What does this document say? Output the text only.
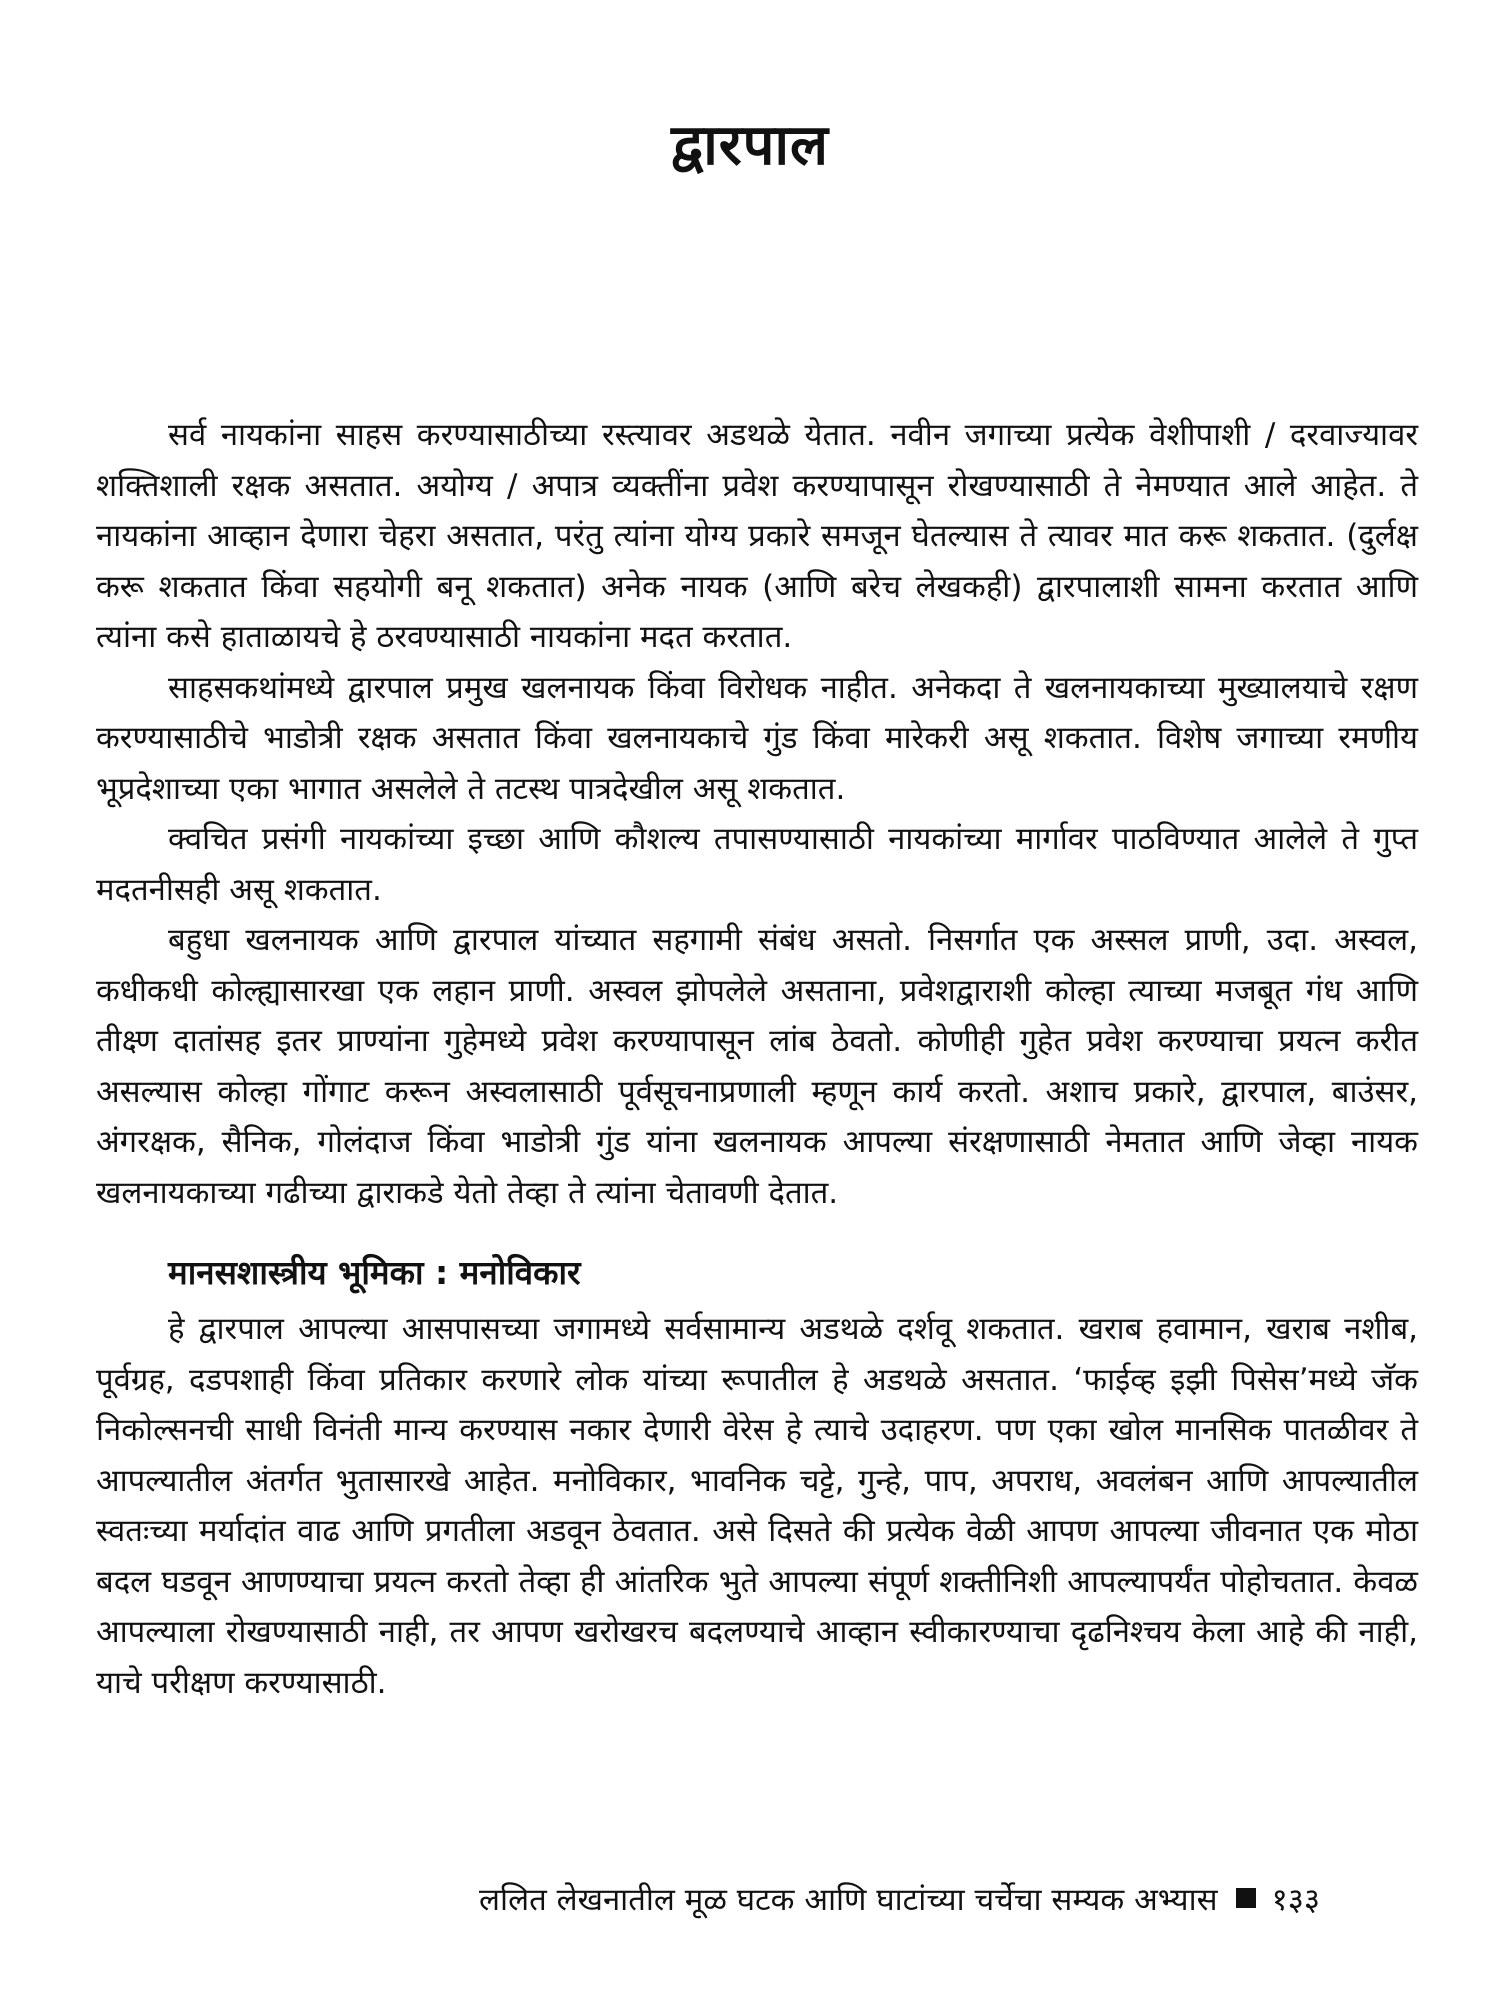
द्वारपाल

सर्व नायकांना साहस करण्यासाठीच्या रस्त्यावर अडथळे येतात. नवीन जगाच्या प्रत्येक वेशीपाशी / दरवाज्यावर शक्तिशाली रक्षक असतात. अयोग्य / अपात्र व्यक्तींना प्रवेश करण्यापासून रोखण्यासाठी ते नेमण्यात आले आहेत. ते नायकांना आव्हान देणारा चेहरा असतात, परंतु त्यांना योग्य प्रकारे समजून घेतल्यास ते त्यावर मात करू शकतात. (दुर्लक्ष करू शकतात किंवा सहयोगी बनू शकतात) अनेक नायक (आणि बरेच लेखकही) द्वारपालाशी सामना करतात आणि त्यांना कसे हाताळायचे हे ठरवण्यासाठी नायकांना मदत करतात.

साहसकथांमध्ये द्वारपाल प्रमुख खलनायक किंवा विरोधक नाहीत. अनेकदा ते खलनायकाच्या मुख्यालयाचे रक्षण करण्यासाठीचे भाडोत्री रक्षक असतात किंवा खलनायकाचे गुंड किंवा मारेकरी असू शकतात. विशेष जगाच्या रमणीय भूप्रदेशाच्या एका भागात असलेले ते तटस्थ पात्रदेखील असू शकतात.

क्वचित प्रसंगी नायकांच्या इच्छा आणि कौशल्य तपासण्यासाठी नायकांच्या मार्गावर पाठविण्यात आलेले ते गुप्त मदतनीसही असू शकतात.

बहुधा खलनायक आणि द्वारपाल यांच्यात सहगामी संबंध असतो. निसर्गात एक अस्सल प्राणी, उदा. अस्वल, कधीकधी कोल्ह्यासारखा एक लहान प्राणी. अस्वल झोपलेले असताना, प्रवेशद्वाराशी कोल्हा त्याच्या मजबूत गंध आणि तीक्ष्ण दातांसह इतर प्राण्यांना गुहेमध्ये प्रवेश करण्यापासून लांब ठेवतो. कोणीही गुहेत प्रवेश करण्याचा प्रयत्न करीत असल्यास कोल्हा गोंगाट करून अस्वलासाठी पूर्वसूचनाप्रणाली म्हणून कार्य करतो. अशाच प्रकारे, द्वारपाल, बाउंसर, अंगरक्षक, सैनिक, गोलंदाज किंवा भाडोत्री गुंड यांना खलनायक आपल्या संरक्षणासाठी नेमतात आणि जेव्हा नायक खलनायकाच्या गढीच्या द्वाराकडे येतो तेव्हा ते त्यांना चेतावणी देतात.

मानसशास्त्रीय भूमिका : मनोविकार

हे द्वारपाल आपल्या आसपासच्या जगामध्ये सर्वसामान्य अडथळे दर्शवू शकतात. खराब हवामान, खराब नशीब, पूर्वग्रह, दडपशाही किंवा प्रतिकार करणारे लोक यांच्या रूपातील हे अडथळे असतात. ‘फाईव्ह इझी पिसेस’मध्ये जॅक निकोल्सनची साधी विनंती मान्य करण्यास नकार देणारी वेरेस हे त्याचे उदाहरण. पण एका खोल मानसिक पातळीवर ते आपल्यातील अंतर्गत भुतासारखे आहेत. मनोविकार, भावनिक चट्टे, गुन्हे, पाप, अपराध, अवलंबन आणि आपल्यातील स्वतःच्या मर्यादांत वाढ आणि प्रगतीला अडवून ठेवतात. असे दिसते की प्रत्येक वेळी आपण आपल्या जीवनात एक मोठा बदल घडवून आणण्याचा प्रयत्न करतो तेव्हा ही आंतरिक भुते आपल्या संपूर्ण शक्तीनिशी आपल्यापर्यंत पोहोचतात. केवळ आपल्याला रोखण्यासाठी नाही, तर आपण खरोखरच बदलण्याचे आव्हान स्वीकारण्याचा दृढनिश्चय केला आहे की नाही, याचे परीक्षण करण्यासाठी.

ललित लेखनातील मूळ घटक आणि घाटांच्या चर्चेचा सम्यक अभ्यास १३३
